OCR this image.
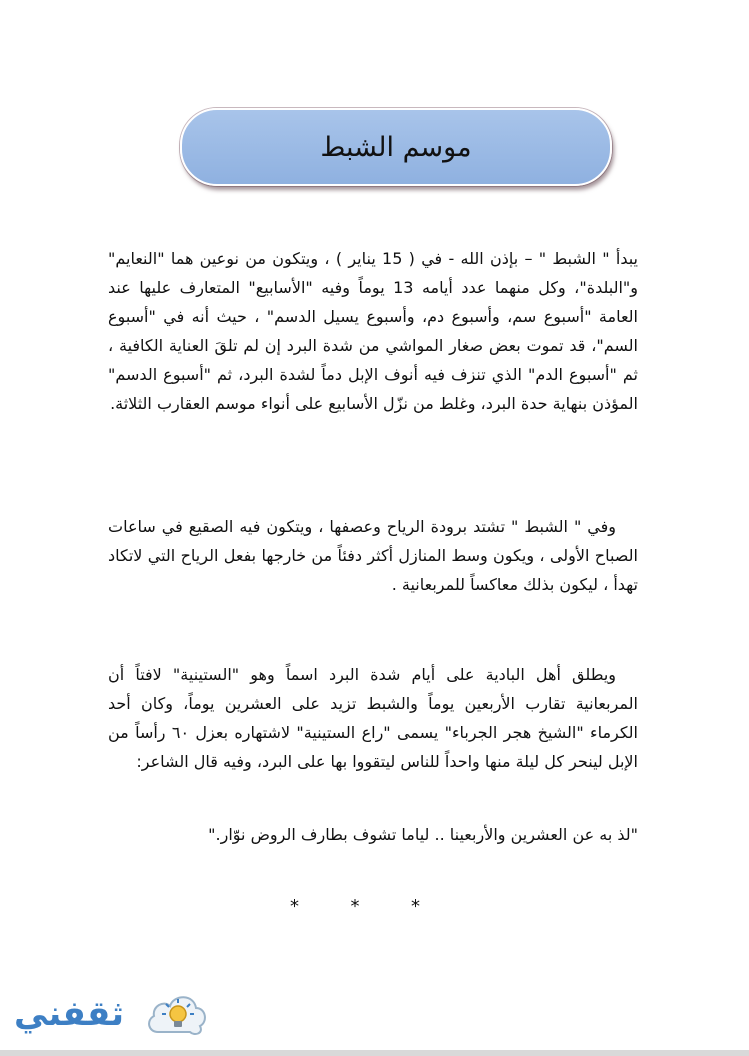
موسم الشبط
يبدأ " الشبط " – بإذن الله - في ( 15 يناير ) ، ويتكون من نوعين هما "النعايم" و"البلدة"، وكل منهما عدد أيامه 13 يوماً وفيه "الأسابيع" المتعارف عليها عند العامة "أسبوع سم، وأسبوع دم، وأسبوع يسيل الدسم" ، حيث أنه في "أسبوع السم"، قد تموت بعض صغار المواشي من شدة البرد إن لم تلقَ العناية الكافية ، ثم "أسبوع الدم" الذي تنزف فيه أنوف الإبل دماً لشدة البرد، ثم "أسبوع الدسم" المؤذن بنهاية حدة البرد، وغلط من نزّل الأسابيع على أنواء موسم العقارب الثلاثة.
وفي " الشبط " تشتد برودة الرياح وعصفها ، ويتكون فيه الصقيع في ساعات الصباح الأولى ، ويكون وسط المنازل أكثر دفئاً من خارجها بفعل الرياح التي لاتكاد تهدأ ، ليكون بذلك معاكساً للمربعانية .
ويطلق أهل البادية على أيام شدة البرد اسماً وهو "الستينية" لافتاً أن المربعانية تقارب الأربعين يوماً والشبط تزيد على العشرين يوماً، وكان أحد الكرماء "الشيخ هجر الجرباء" يسمى "راع الستينية" لاشتهاره بعزل ٦٠ رأساً من الإبل لينحر كل ليلة منها واحداً للناس ليتقووا بها على البرد، وفيه قال الشاعر:
"لذ به عن العشرين والأربعينا .. لياما تشوف بطارف الروض نوّار."
*	*	*
ثقفني
